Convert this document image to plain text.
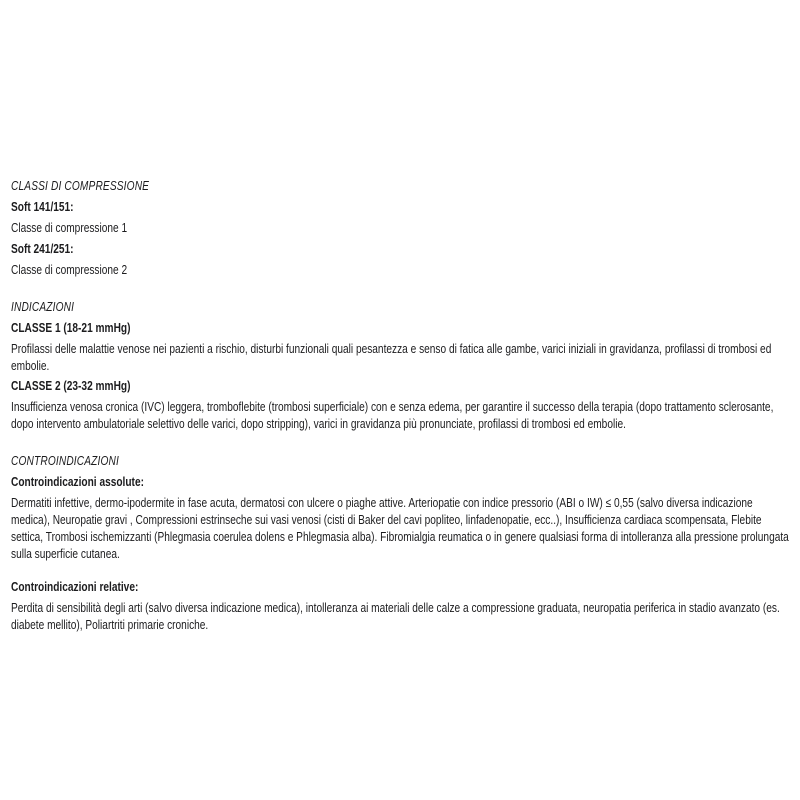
CLASSI DI COMPRESSIONE

Soft 141/151:

Classe di compressione 1

Soft 241/251:

Classe di compressione 2

INDICAZIONI

CLASSE 1 (18-21 mmHg)

Profilassi delle malattie venose nei pazienti a rischio, disturbi funzionali quali pesantezza e senso di fatica alle gambe, varici iniziali in gravidanza, profilassi di trombosi ed embolie.

CLASSE 2 (23-32 mmHg)

Insufficienza venosa cronica (IVC) leggera, tromboflebite (trombosi superficiale) con e senza edema, per garantire il successo della terapia (dopo trattamento sclerosante, dopo intervento ambulatoriale selettivo delle varici, dopo stripping), varici in gravidanza più pronunciate, profilassi di trombosi ed embolie.

CONTROINDICAZIONI

Controindicazioni assolute:

Dermatiti infettive, dermo-ipodermite in fase acuta, dermatosi con ulcere o piaghe attive. Arteriopatie con indice pressorio (ABI o IW) ≤ 0,55 (salvo diversa indicazione medica), Neuropatie gravi , Compressioni estrinseche sui vasi venosi (cisti di Baker del cavi popliteo, linfadenopatie, ecc..), Insufficienza cardiaca scompensata, Flebite settica, Trombosi ischemizzanti (Phlegmasia coerulea dolens e Phlegmasia alba). Fibromialgia reumatica o in genere qualsiasi forma di intolleranza alla pressione prolungata sulla superficie cutanea.

Controindicazioni relative:

Perdita di sensibilità degli arti (salvo diversa indicazione medica), intolleranza ai materiali delle calze a compressione graduata, neuropatia periferica in stadio avanzato (es. diabete mellito), Poliartriti primarie croniche.
